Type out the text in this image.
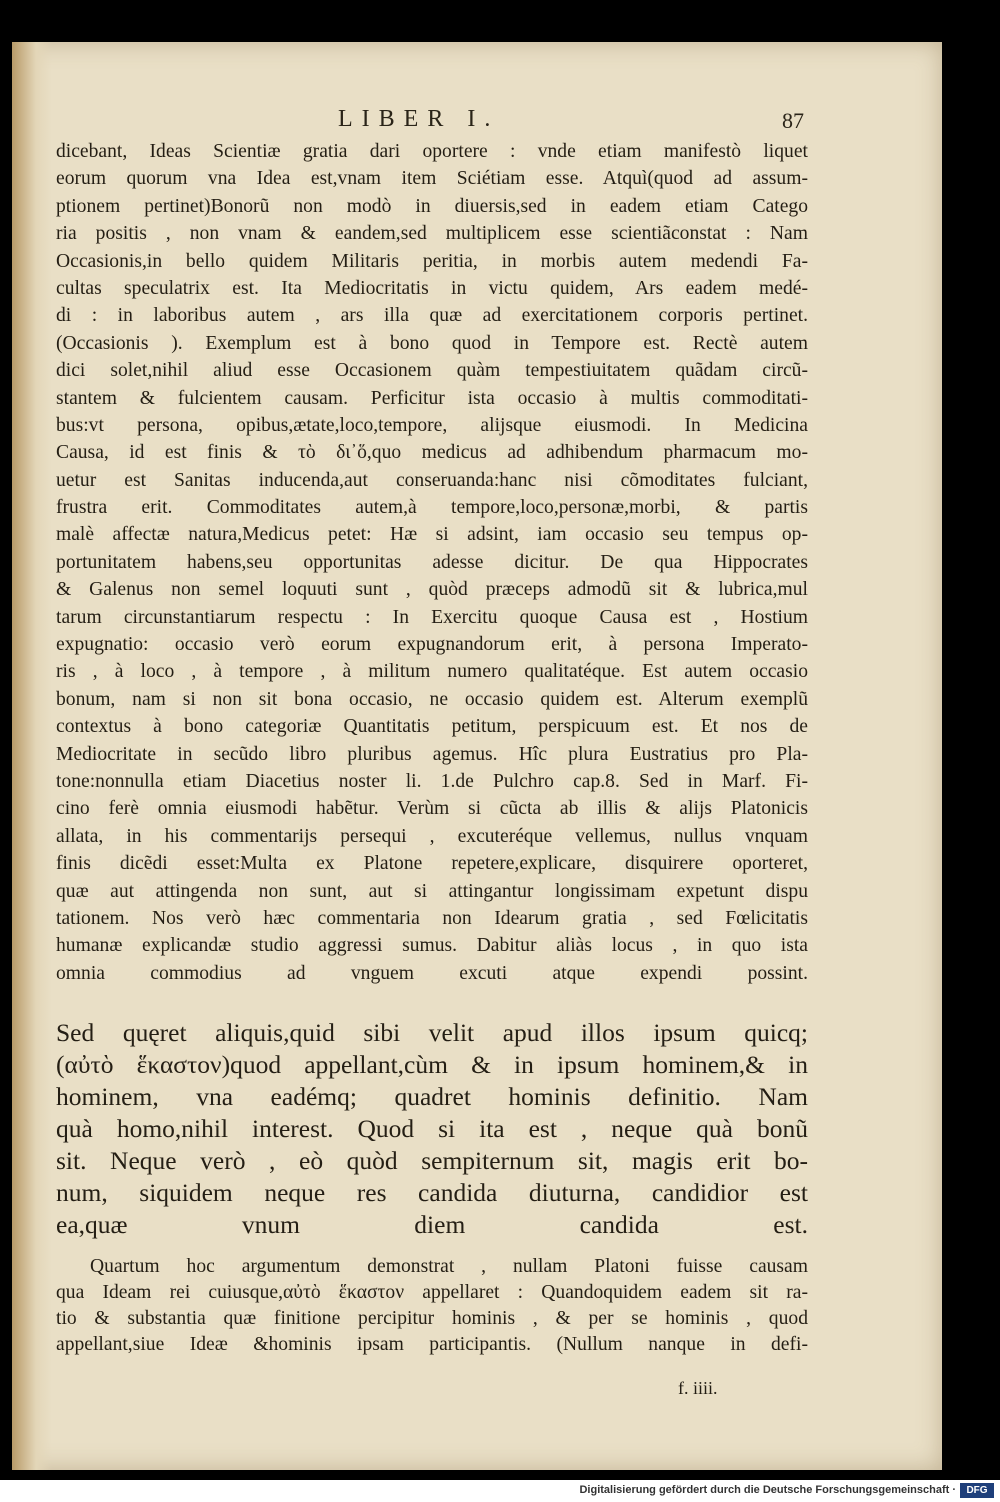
LIBER I.	87
dicebant, Ideas Scientiæ gratia dari oportere : vnde etiam manifestò liquet
eorum quorum vna Idea est,vnam item Sciétiam esse. Atquì(quod ad assum-
ptionem pertinet)Bonorũ non modò in diuersis,sed in eadem etiam Catego
ria positis , non vnam & eandem,sed multiplicem esse scientiãconstat : Nam
Occasionis,in bello quidem Militaris peritia, in morbis autem medendi Fa-
cultas speculatrix est. Ita Mediocritatis in victu quidem, Ars eadem medé-
di : in laboribus autem , ars illa quæ ad exercitationem corporis pertinet.
(Occasionis ). Exemplum est à bono quod in Tempore est. Rectè autem
dici solet,nihil aliud esse Occasionem quàm tempestiuitatem quãdam circũ-
stantem & fulcientem causam. Perficitur ista occasio à multis commoditati-
bus:vt persona, opibus,ætate,loco,tempore, alijsque eiusmodi. In Medicina
Causa, id est finis & τὸ δι᾽ὅ,quo medicus ad adhibendum pharmacum mo-
uetur est Sanitas inducenda,aut conseruanda:hanc nisi cõmoditates fulciant,
frustra erit. Commoditates autem,à tempore,loco,personæ,morbi, & partis
malè affectæ natura,Medicus petet: Hæ si adsint, iam occasio seu tempus op-
portunitatem habens,seu opportunitas adesse dicitur. De qua Hippocrates
& Galenus non semel loquuti sunt , quòd præceps admodũ sit & lubrica,mul
tarum circunstantiarum respectu : In Exercitu quoque Causa est , Hostium
expugnatio: occasio verò eorum expugnandorum erit, à persona Imperato-
ris , à loco , à tempore , à militum numero qualitatéque. Est autem occasio
bonum, nam si non sit bona occasio, ne occasio quidem est. Alterum exemplũ
contextus à bono categoriæ Quantitatis petitum, perspicuum est. Et nos de
Mediocritate in secũdo libro pluribus agemus. Hîc plura Eustratius pro Pla-
tone:nonnulla etiam Diacetius noster li. 1.de Pulchro cap.8. Sed in Marf. Fi-
cino ferè omnia eiusmodi habẽtur. Verùm si cũcta ab illis & alijs Platonicis
allata, in his commentarijs persequi , excuteréque vellemus, nullus vnquam
finis dicẽdi esset:Multa ex Platone repetere,explicare, disquirere oporteret,
quæ aut attingenda non sunt, aut si attingantur longissimam expetunt dispu
tationem. Nos verò hæc commentaria non Idearum gratia , sed Fœlicitatis
humanæ explicandæ studio aggressi sumus. Dabitur aliàs locus , in quo ista
omnia commodius ad vnguem excuti atque expendi possint.
Sed quęret aliquis,quid sibi velit apud illos ipsum quicq;
(αὐτὸ ἕκαστον)quod appellant,cùm & in ipsum hominem,& in
hominem, vna eadémq; quadret hominis definitio. Nam
quà homo,nihil interest. Quod si ita est , neque quà bonũ
sit. Neque verò , eò quòd sempiternum sit, magis erit bo-
num, siquidem neque res candida diuturna, candidior est
ea,quæ vnum diem candida est.
Quartum hoc argumentum demonstrat , nullam Platoni fuisse causam
qua Ideam rei cuiusque,αὐτὸ ἕκαστον appellaret : Quandoquidem eadem sit ra-
tio & substantia quæ finitione percipitur hominis , & per se hominis , quod
appellant,siue Ideæ &hominis ipsam participantis. (Nullum nanque in defi-
f. iiii.
Digitalisierung gefördert durch die Deutsche Forschungsgemeinschaft ·	DFG
